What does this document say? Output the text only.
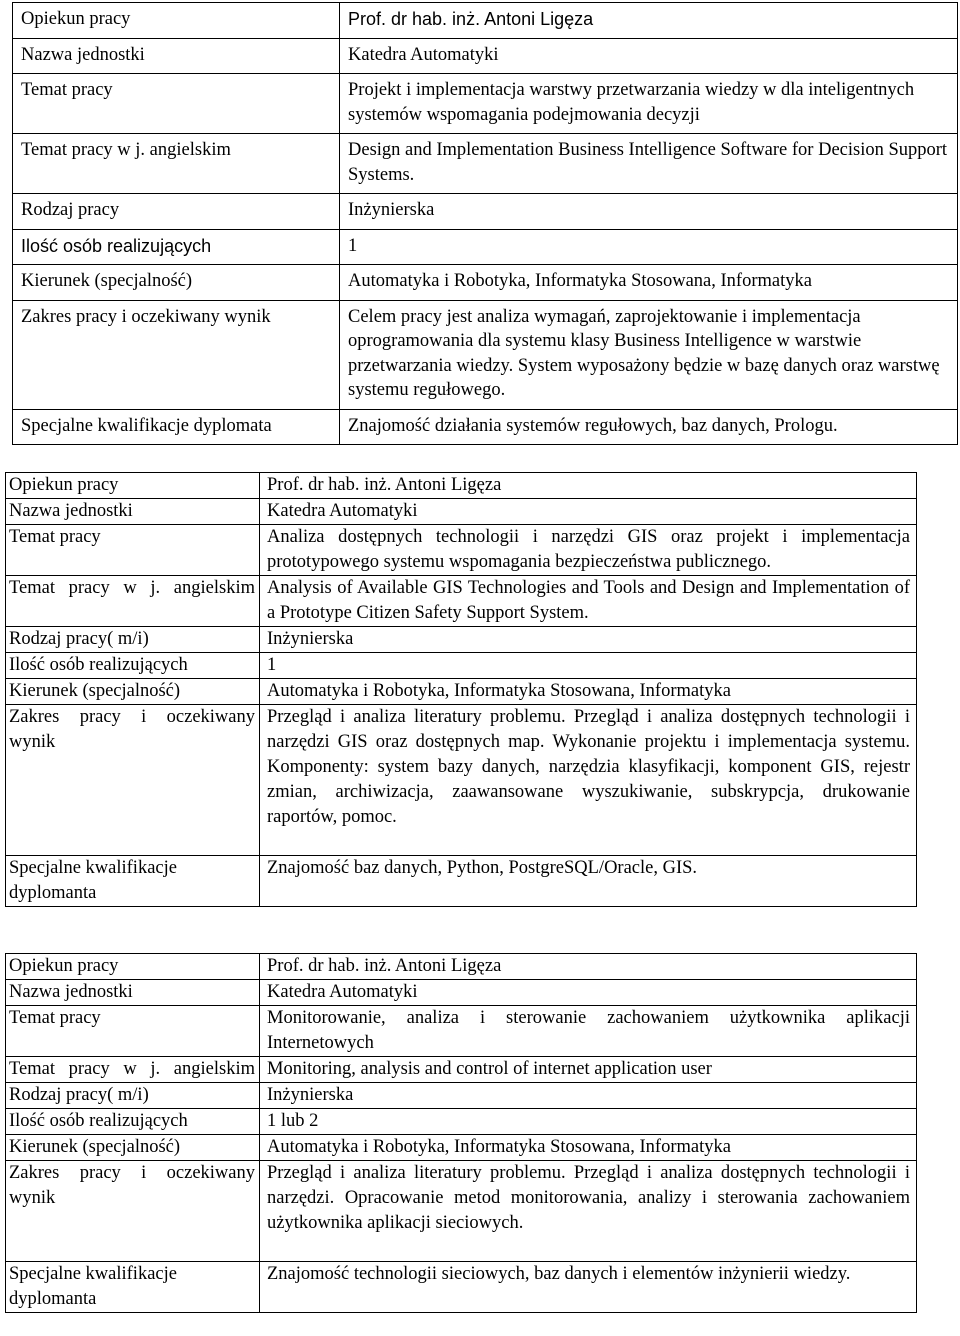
Opiekun pracy	Prof. dr hab. inż. Antoni Ligęza
Nazwa jednostki	Katedra Automatyki
Temat pracy	Projekt i implementacja warstwy przetwarzania wiedzy w dla inteligentnych systemów wspomagania podejmowania decyzji
Temat pracy w j. angielskim	Design and Implementation Business Intelligence Software for Decision Support Systems.
Rodzaj pracy	Inżynierska
Ilość osób realizujących	1
Kierunek (specjalność)	Automatyka i Robotyka, Informatyka Stosowana, Informatyka
Zakres pracy i oczekiwany wynik	Celem pracy jest analiza wymagań, zaprojektowanie i implementacja oprogramowania dla systemu klasy Business Intelligence w warstwie przetwarzania wiedzy. System wyposażony będzie w bazę danych oraz warstwę systemu regułowego.
Specjalne kwalifikacje dyplomata	Znajomość działania systemów regułowych, baz danych, Prologu.
Opiekun pracy	Prof. dr hab. inż. Antoni Ligęza
Nazwa jednostki	Katedra Automatyki
Temat pracy	Analiza dostępnych technologii i narzędzi GIS oraz projekt i implementacja prototypowego systemu wspomagania bezpieczeństwa publicznego.
Temat pracy w j. angielskim	Analysis of Available GIS Technologies and Tools and Design and Implementation of a Prototype Citizen Safety Support System.
Rodzaj pracy( m/i)	Inżynierska
Ilość osób realizujących	1
Kierunek (specjalność)	Automatyka i Robotyka, Informatyka Stosowana, Informatyka
Zakres pracy i oczekiwany wynik	Przegląd i analiza literatury problemu. Przegląd i analiza dostępnych technologii i narzędzi GIS oraz dostępnych map. Wykonanie projektu i implementacja systemu. Komponenty: system bazy danych, narzędzia klasyfikacji, komponent GIS, rejestr zmian, archiwizacja, zaawansowane wyszukiwanie, subskrypcja, drukowanie raportów, pomoc.
Specjalne kwalifikacje dyplomanta	Znajomość baz danych, Python, PostgreSQL/Oracle, GIS.
Opiekun pracy	Prof. dr hab. inż. Antoni Ligęza
Nazwa jednostki	Katedra Automatyki
Temat pracy	Monitorowanie, analiza i sterowanie zachowaniem użytkownika aplikacji Internetowych
Temat pracy w j. angielskim	Monitoring, analysis and control of internet application user
Rodzaj pracy( m/i)	Inżynierska
Ilość osób realizujących	1 lub 2
Kierunek (specjalność)	Automatyka i Robotyka, Informatyka Stosowana, Informatyka
Zakres pracy i oczekiwany wynik	Przegląd i analiza literatury problemu. Przegląd i analiza dostępnych technologii i narzędzi. Opracowanie metod monitorowania, analizy i sterowania zachowaniem użytkownika aplikacji sieciowych.
Specjalne kwalifikacje dyplomanta	Znajomość technologii sieciowych, baz danych i elementów inżynierii wiedzy.
